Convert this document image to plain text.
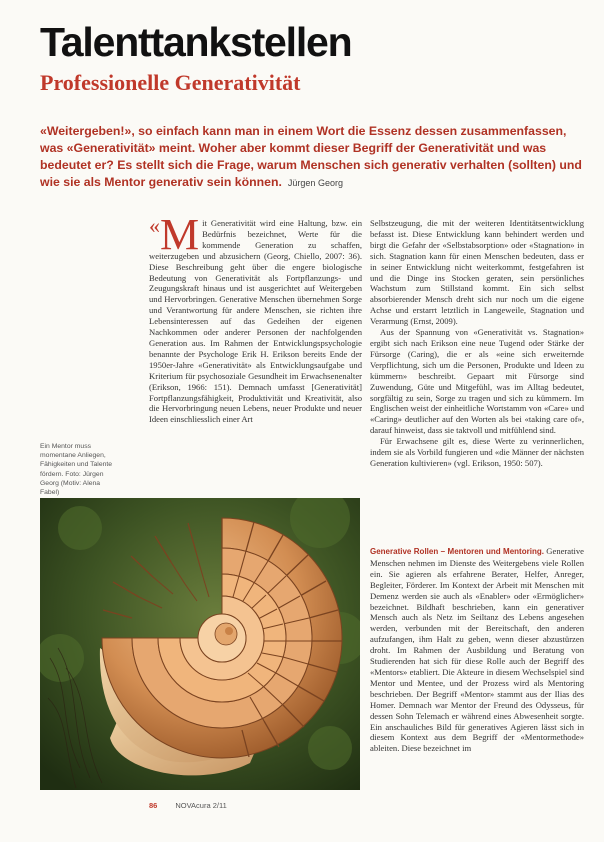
Talenttankstellen
Professionelle Generativität
«Weitergeben!», so einfach kann man in einem Wort die Essenz dessen zusammenfassen, was «Generativität» meint. Woher aber kommt dieser Begriff der Generativität und was bedeutet er? Es stellt sich die Frage, warum Menschen sich generativ verhalten (sollten) und wie sie als Mentor generativ sein können. Jürgen Georg
«M it Generativität wird eine Haltung, bzw. ein Bedürfnis bezeichnet, Werte für die kommende Generation zu schaffen, weiterzugeben und abzusichern (Georg, Chiello, 2007: 36). Diese Beschreibung geht über die engere biologische Bedeutung von Generativität als Fortpflanzungs- und Zeugungskraft hinaus und ist ausgerichtet auf Weitergeben und Hervorbringen. Generative Menschen übernehmen Sorge und Verantwortung für andere Menschen, sie richten ihre Lebensinteressen auf das Gedeihen der eigenen Nachkommen oder anderer Personen der nachfolgenden Generation aus. Im Rahmen der Entwicklungspsychologie benannte der Psychologe Erik H. Erikson bereits Ende der 1950er-Jahre «Generativität» als Entwicklungsaufgabe und Kriterium für psychosoziale Gesundheit im Erwachsenenalter (Erikson, 1966: 151). Demnach umfasst [Generativität] Fortpflanzungsfähigkeit, Produktivität und Kreativität, also die Hervorbringung neuen Lebens, neuer Produkte und neuer Ideen einschliesslich einer Art

Selbstzeugung, die mit der weiteren Identitätsentwicklung befasst ist. Diese Entwicklung kann behindert werden und birgt die Gefahr der «Selbstabsorption» oder «Stagnation» in sich. Stagnation kann für einen Menschen bedeuten, dass er in seiner Entwicklung nicht weiterkommt, festgefahren ist und die Dinge ins Stocken geraten, sein persönliches Wachstum zum Stillstand kommt. Ein sich selbst absorbierender Mensch dreht sich nur noch um die eigene Achse und erstarrt letztlich in Langeweile, Stagnation und Verarmung (Ernst, 2009).

Aus der Spannung von «Generativität vs. Stagnation» ergibt sich nach Erikson eine neue Tugend oder Stärke der Fürsorge (Caring), die er als «eine sich erweiternde Verpflichtung, sich um die Personen, Produkte und Ideen zu kümmern» beschreibt. Gepaart mit Fürsorge sind Zuwendung, Güte und Mitgefühl, was im Alltag bedeutet, sorgfältig zu sein, Sorge zu tragen und sich zu kümmern. Im Englischen weist der einheitliche Wortstamm von «Care» und «Caring» deutlicher auf den Worten als bei «taking care of», darauf hinweist, dass sie taktvoll und mitfühlend sind.

Für Erwachsene gilt es, diese Werte zu verinnerlichen, indem sie als Vorbild fungieren und «die Männer der nächsten Generation kultivieren» (vgl. Erikson, 1950: 507).

Generative Rollen – Mentoren und Mentoring. Generative Menschen nehmen im Dienste des Weitergebens viele Rollen ein. Sie agieren als erfahrene Berater, Helfer, Anreger, Begleiter, Förderer. Im Kontext der Arbeit mit Menschen mit Demenz werden sie auch als «Enabler» oder «Ermöglicher» bezeichnet. Bildhaft beschrieben, kann ein generativer Mensch auch als Netz im Seiltanz des Lebens angesehen werden, verbunden mit der Bereitschaft, den anderen aufzufangen, ihm Halt zu geben, wenn dieser abzustürzen droht. Im Rahmen der Ausbildung und Beratung von Studierenden hat sich für diese Rolle auch der Begriff des «Mentors» etabliert. Die Akteure in diesem Wechselspiel sind Mentor und Mentee, und der Prozess wird als Mentoring beschrieben. Der Begriff «Mentor» stammt aus der Ilias des Homer. Demnach war Mentor der Freund des Odysseus, für dessen Sohn Telemach er während eines Abwesenheit sorgte. Ein anschauliches Bild für generatives Agieren lässt sich in diesem Kontext aus dem Begriff der «Mentormethode» ableiten. Diese bezeichnet im

Ein Mentor muss momentane Anliegen, Fähigkeiten und Talente fördern. Foto: Jürgen Georg (Motiv: Alena Fabel)
86 NOVAcura 2/11
